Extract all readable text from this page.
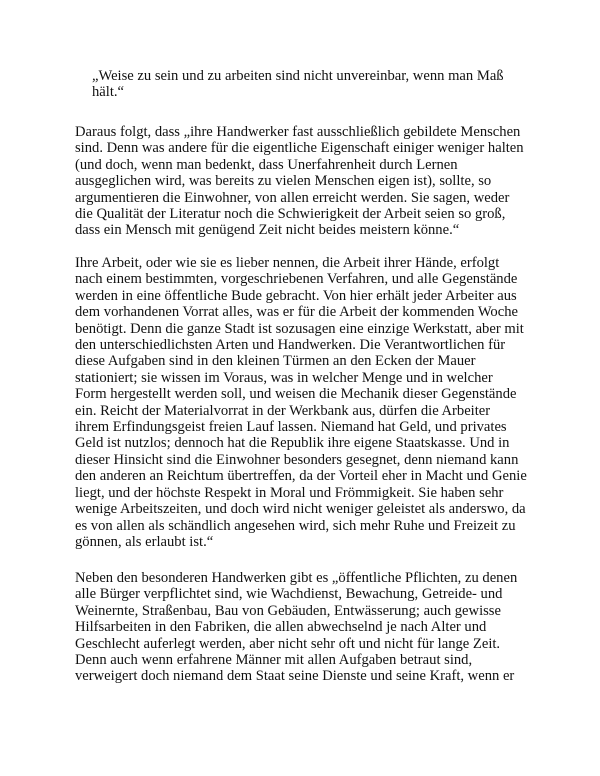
„Weise zu sein und zu arbeiten sind nicht unvereinbar, wenn man Maß hält.“

Daraus folgt, dass „ihre Handwerker fast ausschließlich gebildete Menschen sind. Denn was andere für die eigentliche Eigenschaft einiger weniger halten (und doch, wenn man bedenkt, dass Unerfahrenheit durch Lernen ausgeglichen wird, was bereits zu vielen Menschen eigen ist), sollte, so argumentieren die Einwohner, von allen erreicht werden. Sie sagen, weder die Qualität der Literatur noch die Schwierigkeit der Arbeit seien so groß, dass ein Mensch mit genügend Zeit nicht beides meistern könne.“

Ihre Arbeit, oder wie sie es lieber nennen, die Arbeit ihrer Hände, erfolgt nach einem bestimmten, vorgeschriebenen Verfahren, und alle Gegenstände werden in eine öffentliche Bude gebracht. Von hier erhält jeder Arbeiter aus dem vorhandenen Vorrat alles, was er für die Arbeit der kommenden Woche benötigt. Denn die ganze Stadt ist sozusagen eine einzige Werkstatt, aber mit den unterschiedlichsten Arten und Handwerken. Die Verantwortlichen für diese Aufgaben sind in den kleinen Türmen an den Ecken der Mauer stationiert; sie wissen im Voraus, was in welcher Menge und in welcher Form hergestellt werden soll, und weisen die Mechanik dieser Gegenstände ein. Reicht der Materialvorrat in der Werkbank aus, dürfen die Arbeiter ihrem Erfindungsgeist freien Lauf lassen. Niemand hat Geld, und privates Geld ist nutzlos; dennoch hat die Republik ihre eigene Staatskasse. Und in dieser Hinsicht sind die Einwohner besonders gesegnet, denn niemand kann den anderen an Reichtum übertreffen, da der Vorteil eher in Macht und Genie liegt, und der höchste Respekt in Moral und Frömmigkeit. Sie haben sehr wenige Arbeitszeiten, und doch wird nicht weniger geleistet als anderswo, da es von allen als schändlich angesehen wird, sich mehr Ruhe und Freizeit zu gönnen, als erlaubt ist.“

Neben den besonderen Handwerken gibt es „öffentliche Pflichten, zu denen alle Bürger verpflichtet sind, wie Wachdienst, Bewachung, Getreide- und Weinernte, Straßenbau, Bau von Gebäuden, Entwässerung; auch gewisse Hilfsarbeiten in den Fabriken, die allen abwechselnd je nach Alter und Geschlecht auferlegt werden, aber nicht sehr oft und nicht für lange Zeit. Denn auch wenn erfahrene Männer mit allen Aufgaben betraut sind, verweigert doch niemand dem Staat seine Dienste und seine Kraft, wenn er
